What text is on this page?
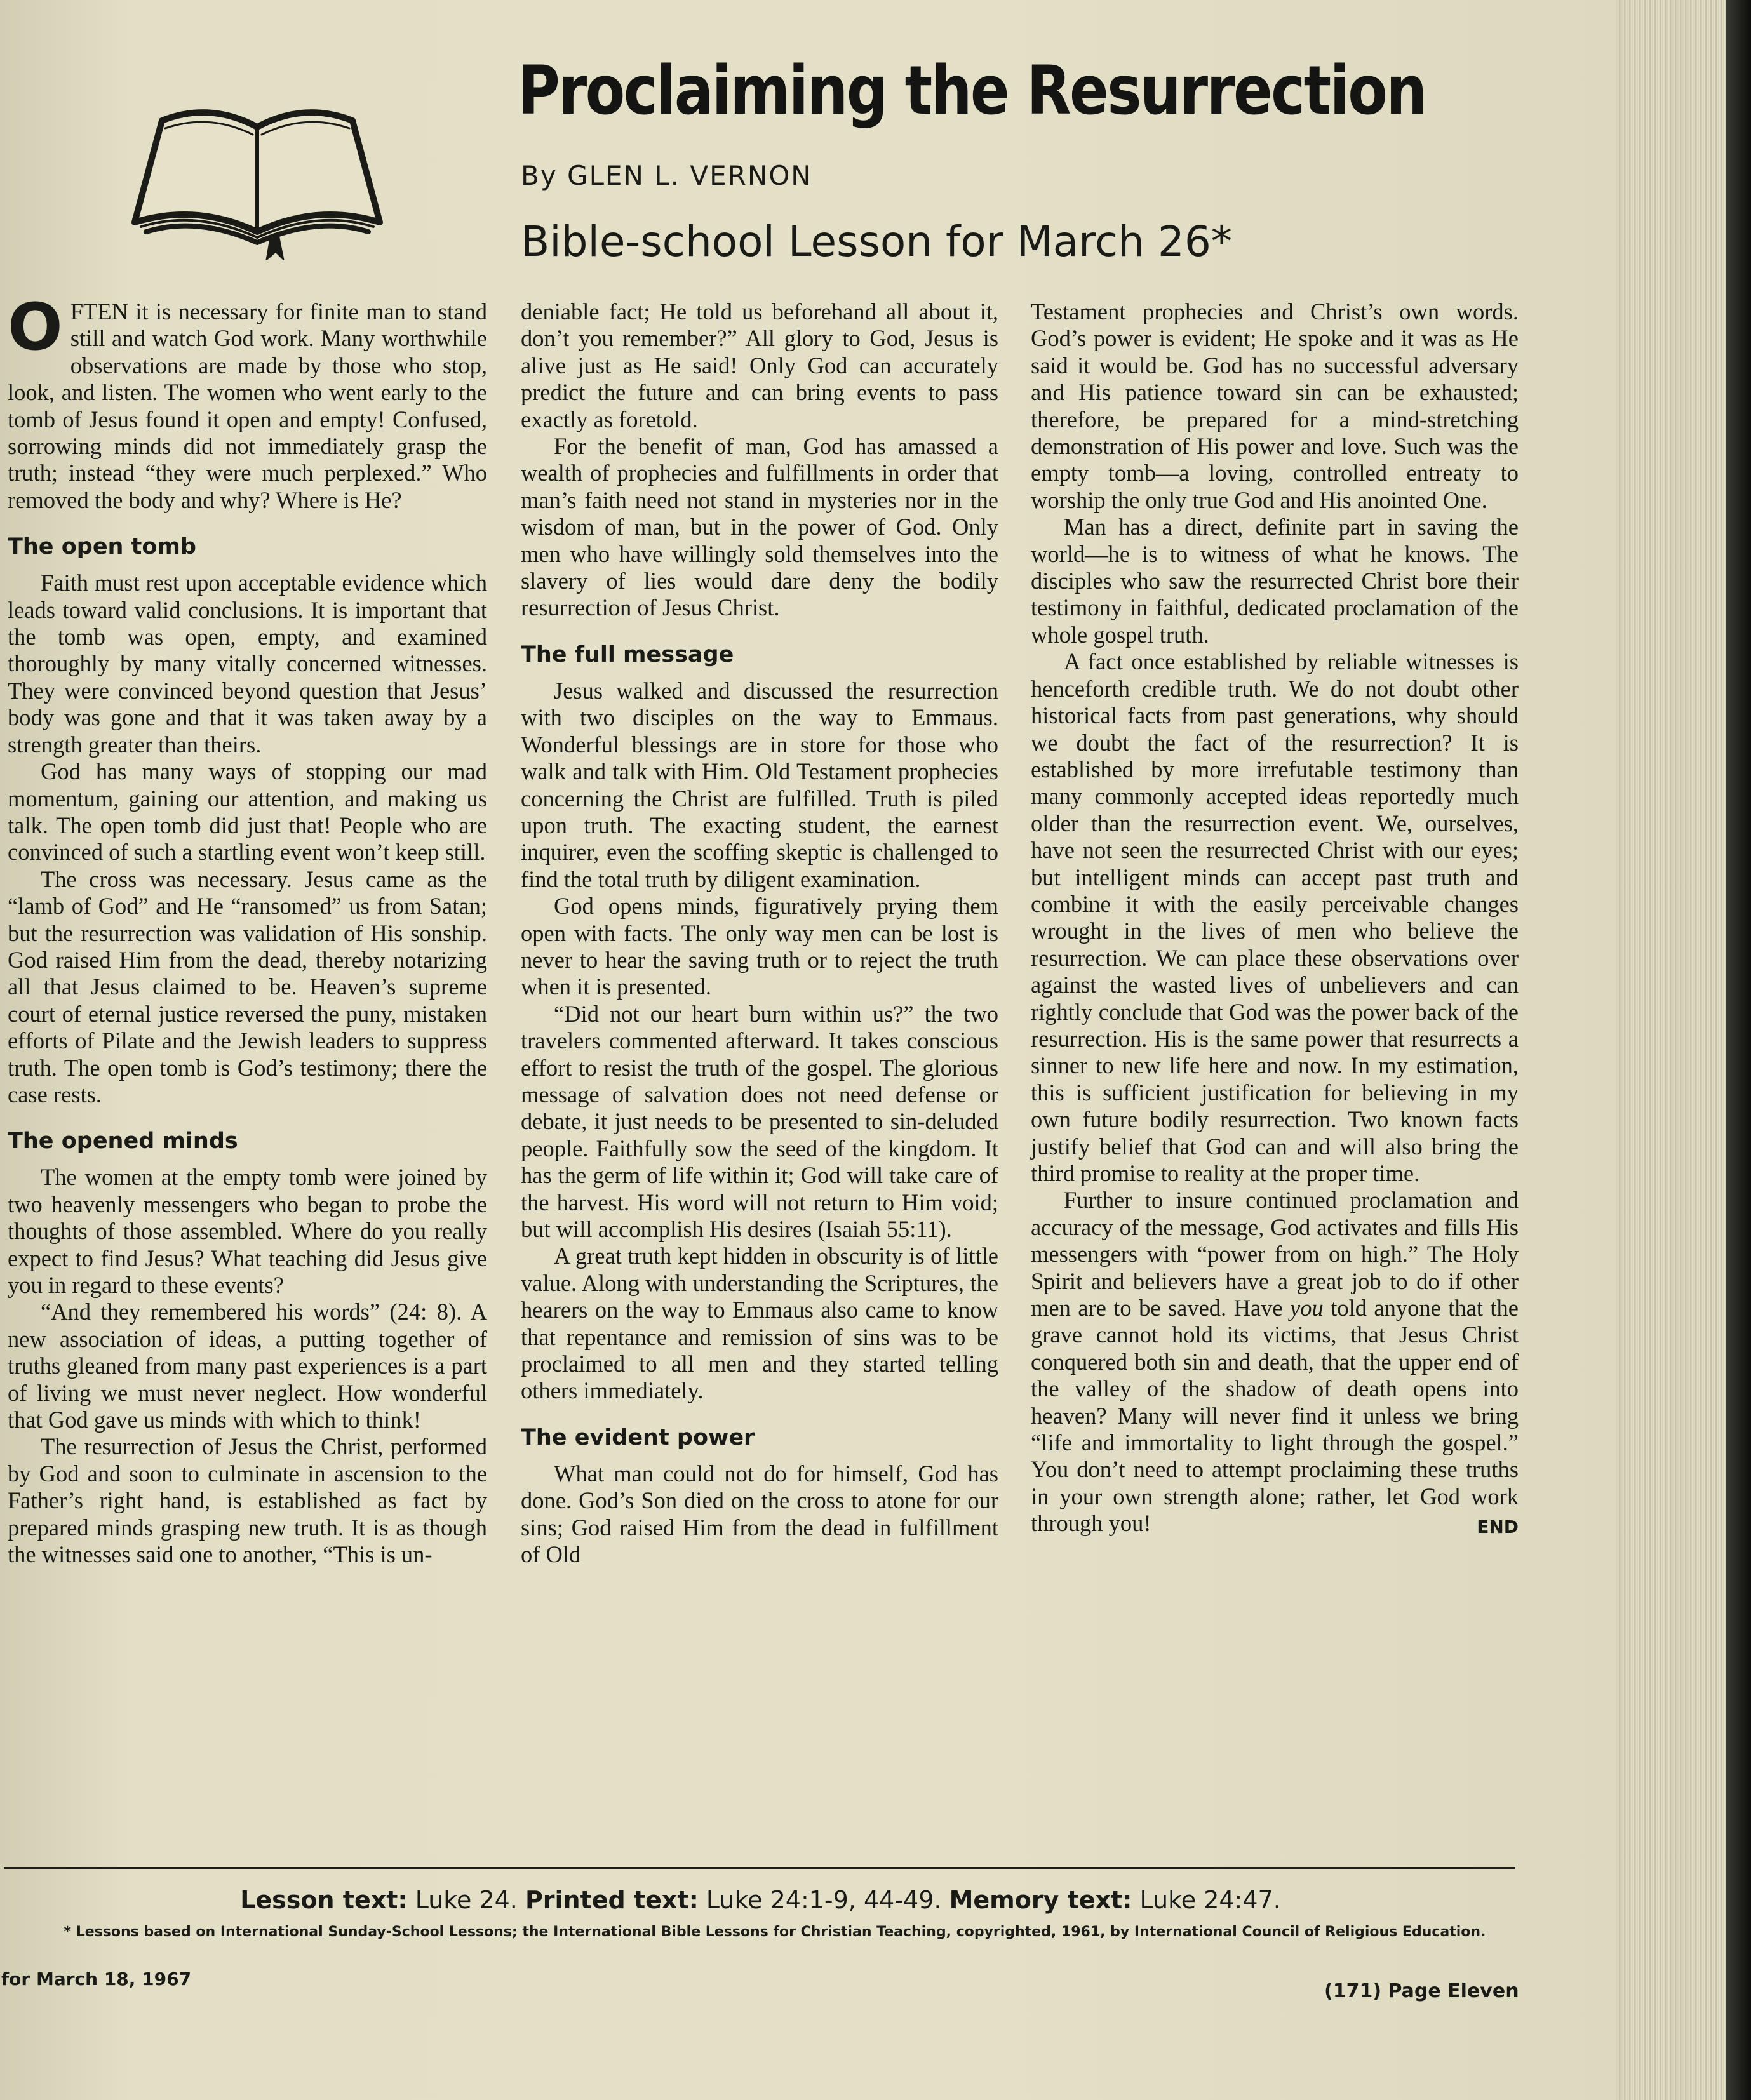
Proclaiming the Resurrection
By GLEN L. VERNON
Bible-school Lesson for March 26*

OFTEN it is necessary for finite man to stand still and watch God work. Many worthwhile observations are made by those who stop, look, and listen. The women who went early to the tomb of Jesus found it open and empty! Confused, sorrowing minds did not immediately grasp the truth; instead “they were much perplexed.” Who removed the body and why? Where is He?

The open tomb

Faith must rest upon acceptable evidence which leads toward valid conclusions. It is important that the tomb was open, empty, and examined thoroughly by many vitally concerned witnesses. They were convinced beyond question that Jesus’ body was gone and that it was taken away by a strength greater than theirs.

God has many ways of stopping our mad momentum, gaining our attention, and making us talk. The open tomb did just that! People who are convinced of such a startling event won’t keep still.

The cross was necessary. Jesus came as the “lamb of God” and He “ransomed” us from Satan; but the resurrection was validation of His sonship. God raised Him from the dead, thereby notarizing all that Jesus claimed to be. Heaven’s supreme court of eternal justice reversed the puny, mistaken efforts of Pilate and the Jewish leaders to suppress truth. The open tomb is God’s testimony; there the case rests.

The opened minds

The women at the empty tomb were joined by two heavenly messengers who began to probe the thoughts of those assembled. Where do you really expect to find Jesus? What teaching did Jesus give you in regard to these events?

“And they remembered his words” (24: 8). A new association of ideas, a putting together of truths gleaned from many past experiences is a part of living we must never neglect. How wonderful that God gave us minds with which to think!

The resurrection of Jesus the Christ, performed by God and soon to culminate in ascension to the Father’s right hand, is established as fact by prepared minds grasping new truth. It is as though the witnesses said one to another, “This is un-

deniable fact; He told us beforehand all about it, don’t you remember?” All glory to God, Jesus is alive just as He said! Only God can accurately predict the future and can bring events to pass exactly as foretold.

For the benefit of man, God has amassed a wealth of prophecies and fulfillments in order that man’s faith need not stand in mysteries nor in the wisdom of man, but in the power of God. Only men who have willingly sold themselves into the slavery of lies would dare deny the bodily resurrection of Jesus Christ.

The full message

Jesus walked and discussed the resurrection with two disciples on the way to Emmaus. Wonderful blessings are in store for those who walk and talk with Him. Old Testament prophecies concerning the Christ are fulfilled. Truth is piled upon truth. The exacting student, the earnest inquirer, even the scoffing skeptic is challenged to find the total truth by diligent examination.

God opens minds, figuratively prying them open with facts. The only way men can be lost is never to hear the saving truth or to reject the truth when it is presented.

“Did not our heart burn within us?” the two travelers commented afterward. It takes conscious effort to resist the truth of the gospel. The glorious message of salvation does not need defense or debate, it just needs to be presented to sin-deluded people. Faithfully sow the seed of the kingdom. It has the germ of life within it; God will take care of the harvest. His word will not return to Him void; but will accomplish His desires (Isaiah 55:11).

A great truth kept hidden in obscurity is of little value. Along with understanding the Scriptures, the hearers on the way to Emmaus also came to know that repentance and remission of sins was to be proclaimed to all men and they started telling others immediately.

The evident power

What man could not do for himself, God has done. God’s Son died on the cross to atone for our sins; God raised Him from the dead in fulfillment of Old

Testament prophecies and Christ’s own words. God’s power is evident; He spoke and it was as He said it would be. God has no successful adversary and His patience toward sin can be exhausted; therefore, be prepared for a mind-stretching demonstration of His power and love. Such was the empty tomb—a loving, controlled entreaty to worship the only true God and His anointed One.

Man has a direct, definite part in saving the world—he is to witness of what he knows. The disciples who saw the resurrected Christ bore their testimony in faithful, dedicated proclamation of the whole gospel truth.

A fact once established by reliable witnesses is henceforth credible truth. We do not doubt other historical facts from past generations, why should we doubt the fact of the resurrection? It is established by more irrefutable testimony than many commonly accepted ideas reportedly much older than the resurrection event. We, ourselves, have not seen the resurrected Christ with our eyes; but intelligent minds can accept past truth and combine it with the easily perceivable changes wrought in the lives of men who believe the resurrection. We can place these observations over against the wasted lives of unbelievers and can rightly conclude that God was the power back of the resurrection. His is the same power that resurrects a sinner to new life here and now. In my estimation, this is sufficient justification for believing in my own future bodily resurrection. Two known facts justify belief that God can and will also bring the third promise to reality at the proper time.

Further to insure continued proclamation and accuracy of the message, God activates and fills His messengers with “power from on high.” The Holy Spirit and believers have a great job to do if other men are to be saved. Have you told anyone that the grave cannot hold its victims, that Jesus Christ conquered both sin and death, that the upper end of the valley of the shadow of death opens into heaven? Many will never find it unless we bring “life and immortality to light through the gospel.” You don’t need to attempt proclaiming these truths in your own strength alone; rather, let God work through you!	END

Lesson text: Luke 24. Printed text: Luke 24:1-9, 44-49. Memory text: Luke 24:47.
* Lessons based on International Sunday-School Lessons; the International Bible Lessons for Christian Teaching, copyrighted, 1961, by International Council of Religious Education.
for March 18, 1967
(171) Page Eleven
